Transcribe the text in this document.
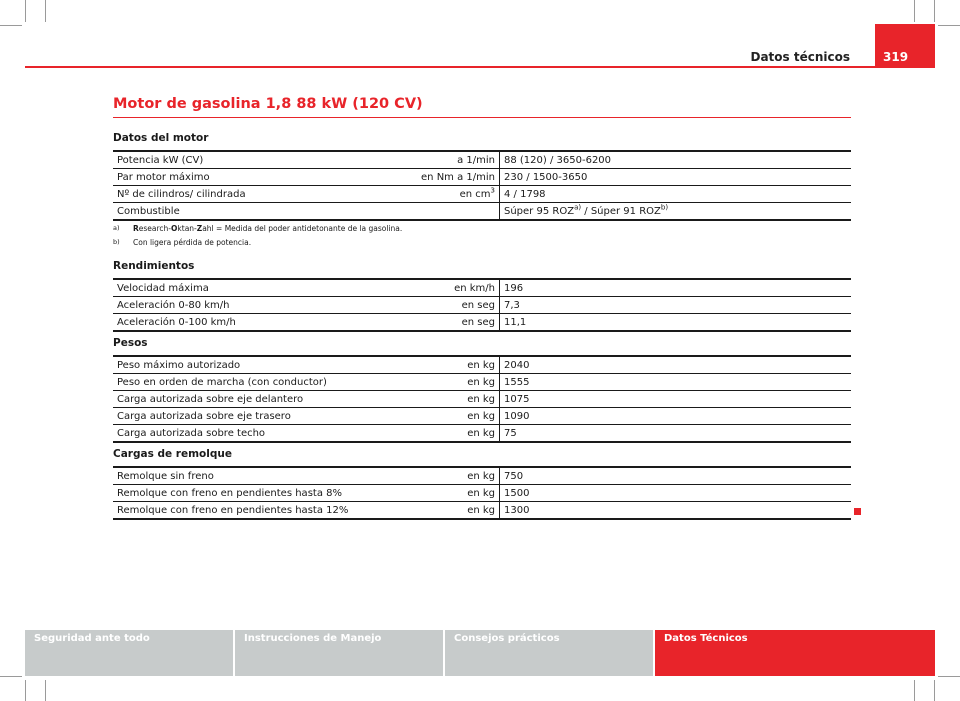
Datos técnicos	319
Motor de gasolina 1,8 88 kW (120 CV)
Datos del motor
Potencia kW (CV)	a 1/min	88 (120) / 3650-6200
Par motor máximo	en Nm a 1/min	230 / 1500-3650
Nº de cilindros/ cilindrada	en $cm^3$	4 / 1798
Combustible		Súper 95 ROZ$^{a)}$ / Súper 91 ROZ$^{b)}$
a) Research-Oktan-Zahl = Medida del poder antidetonante de la gasolina.
b) Con ligera pérdida de potencia.
Rendimientos
Velocidad máxima	en km/h	196
Aceleración 0-80 km/h	en seg	7,3
Aceleración 0-100 km/h	en seg	11,1
Pesos
Peso máximo autorizado	en kg	2040
Peso en orden de marcha (con conductor)	en kg	1555
Carga autorizada sobre eje delantero	en kg	1075
Carga autorizada sobre eje trasero	en kg	1090
Carga autorizada sobre techo	en kg	75
Cargas de remolque
Remolque sin freno	en kg	750
Remolque con freno en pendientes hasta 8%	en kg	1500
Remolque con freno en pendientes hasta 12%	en kg	1300
Seguridad ante todo	Instrucciones de Manejo	Consejos prácticos	Datos Técnicos
